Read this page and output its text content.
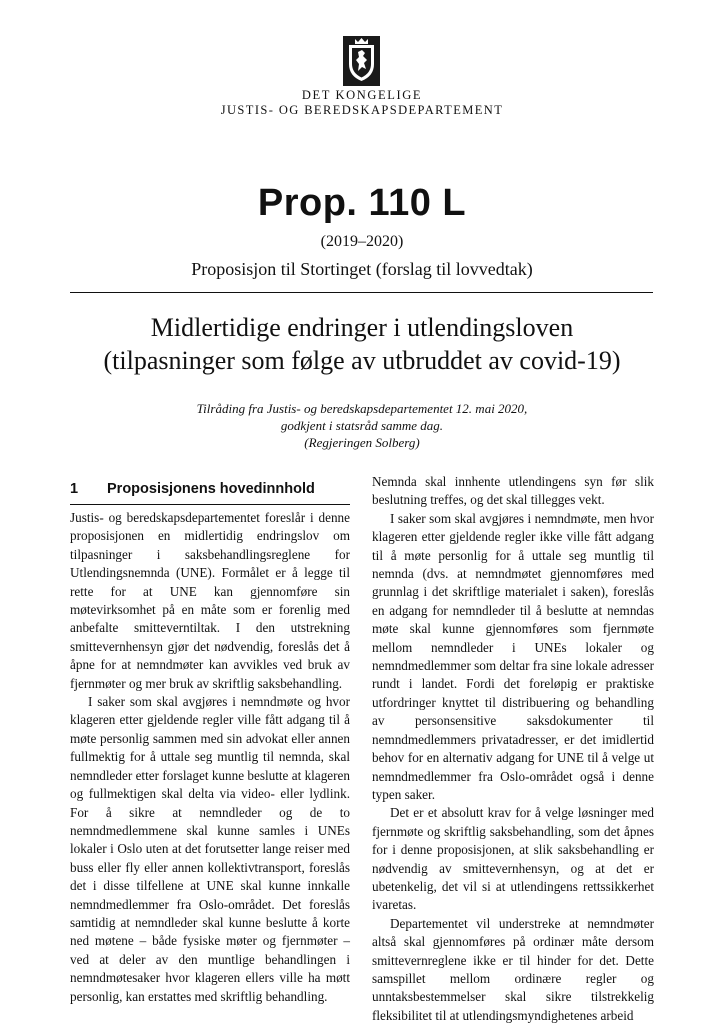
DET KONGELIGE
JUSTIS- OG BEREDSKAPSDEPARTEMENT
Prop. 110 L
(2019–2020)
Proposisjon til Stortinget (forslag til lovvedtak)
Midlertidige endringer i utlendingsloven
(tilpasninger som følge av utbruddet av covid-19)
Tilråding fra Justis- og beredskapsdepartementet 12. mai 2020,
godkjent i statsråd samme dag.
(Regjeringen Solberg)
1 Proposisjonens hovedinnhold

Justis- og beredskapsdepartementet foreslår i denne proposisjonen en midlertidig endringslov om tilpasninger i saksbehandlingsreglene for Utlendingsnemnda (UNE). Formålet er å legge til rette for at UNE kan gjennomføre sin møtevirksomhet på en måte som er forenlig med anbefalte smitteverntiltak. I den utstrekning smittevernhensyn gjør det nødvendig, foreslås det å åpne for at nemndmøter kan avvikles ved bruk av fjernmøter og mer bruk av skriftlig saksbehandling.

I saker som skal avgjøres i nemndmøte og hvor klageren etter gjeldende regler ville fått adgang til å møte personlig sammen med sin advokat eller annen fullmektig for å uttale seg muntlig til nemnda, skal nemndleder etter forslaget kunne beslutte at klageren og fullmektigen skal delta via video- eller lydlink. For å sikre at nemndleder og de to nemndmedlemmene skal kunne samles i UNEs lokaler i Oslo uten at det forutsetter lange reiser med buss eller fly eller annen kollektivtransport, foreslås det i disse tilfellene at UNE skal kunne innkalle nemndmedlemmer fra Oslo-området. Det foreslås samtidig at nemndleder skal kunne beslutte å korte ned møtene – både fysiske møter og fjernmøter – ved at deler av den muntlige behandlingen i nemndmøtesaker hvor klageren ellers ville ha møtt personlig, kan erstattes med skriftlig behandling.

Nemnda skal innhente utlendingens syn før slik beslutning treffes, og det skal tillegges vekt.

I saker som skal avgjøres i nemndmøte, men hvor klageren etter gjeldende regler ikke ville fått adgang til å møte personlig for å uttale seg muntlig til nemnda (dvs. at nemndmøtet gjennomføres med grunnlag i det skriftlige materialet i saken), foreslås en adgang for nemndleder til å beslutte at nemndas møte skal kunne gjennomføres som fjernmøte mellom nemndleder i UNEs lokaler og nemndmedlemmer som deltar fra sine lokale adresser rundt i landet. Fordi det foreløpig er praktiske utfordringer knyttet til distribuering og behandling av personsensitive saksdokumenter til nemndmedlemmers privatadresser, er det imidlertid behov for en alternativ adgang for UNE til å velge ut nemndmedlemmer fra Oslo-området også i denne typen saker.

Det er et absolutt krav for å velge løsninger med fjernmøte og skriftlig saksbehandling, som det åpnes for i denne proposisjonen, at slik saksbehandling er nødvendig av smittevernhensyn, og at det er ubetenkelig, det vil si at utlendingens rettssikkerhet ivaretas.

Departementet vil understreke at nemndmøter altså skal gjennomføres på ordinær måte dersom smittevernreglene ikke er til hinder for det. Dette samspillet mellom ordinære regler og unntaksbestemmelser skal sikre tilstrekkelig fleksibilitet til at utlendingsmyndighetenes arbeid
